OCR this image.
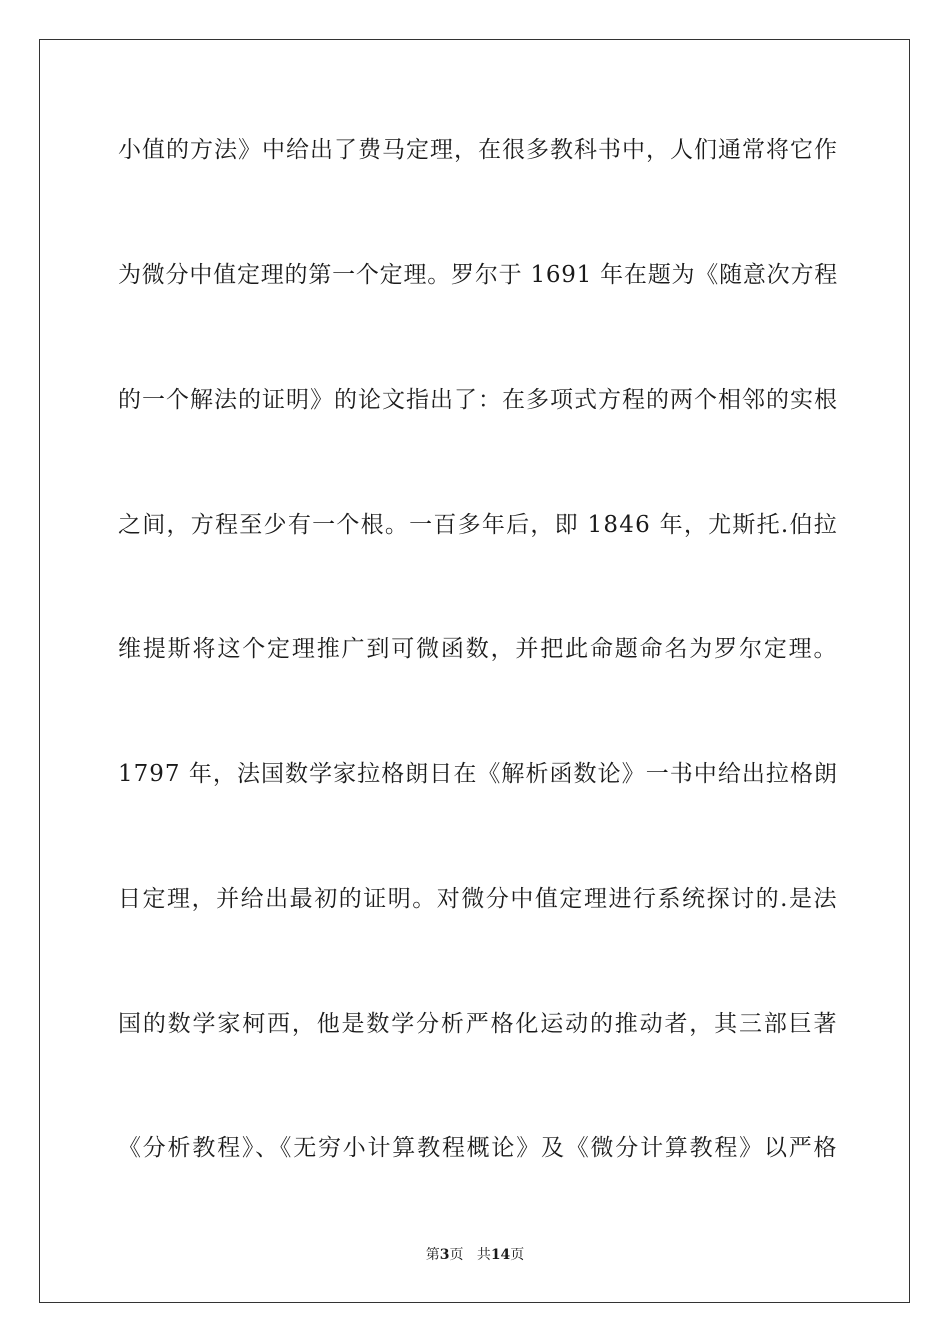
小值的方法》中给出了费马定理，在很多教科书中，人们通常将它作
为微分中值定理的第一个定理。罗尔于 1691 年在题为《随意次方程
的一个解法的证明》的论文指出了：在多项式方程的两个相邻的实根
之间，方程至少有一个根。一百多年后，即 1846 年，尤斯托.伯拉
维提斯将这个定理推广到可微函数，并把此命题命名为罗尔定理。
1797 年，法国数学家拉格朗日在《解析函数论》一书中给出拉格朗
日定理，并给出最初的证明。对微分中值定理进行系统探讨的.是法
国的数学家柯西，他是数学分析严格化运动的推动者，其三部巨著
《分析教程》、《无穷小计算教程概论》及《微分计算教程》以严格
第3页 共14页
